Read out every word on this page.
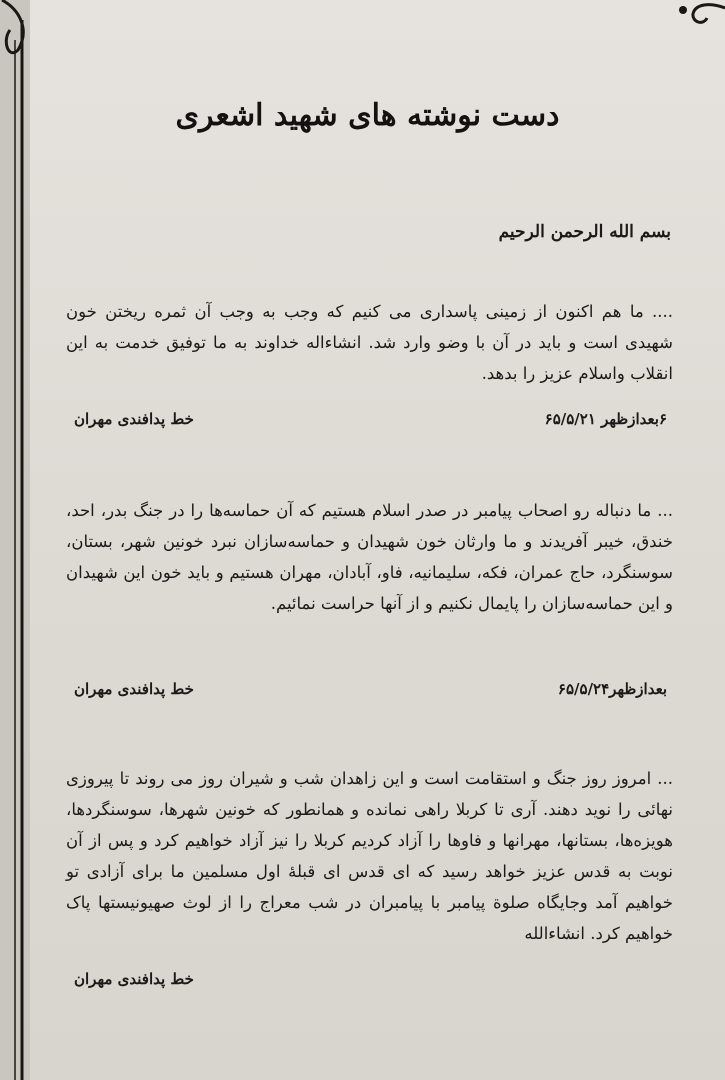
دست نوشته های شهید اشعری
بسم الله الرحمن الرحیم

.... ما هم اکنون از زمینی پاسداری می کنیم که وجب به وجب آن ثمره ریختن خون شهیدی است و باید در آن با وضو وارد شد. انشاءاله خداوند به ما توفیق خدمت به این انقلاب واسلام عزیز را بدهد.

۶بعدازظهر ۶۵/۵/۲۱
خط پدافندی مهران

... ما دنباله رو اصحاب پیامبر در صدر اسلام هستیم که آن حماسه‌ها را در جنگ بدر، احد، خندق، خیبر آفریدند و ما وارثان خون شهیدان و حماسه‌سازان نبرد خونین شهر، بستان، سوسنگرد، حاج عمران، فکه، سلیمانیه، فاو، آبادان، مهران هستیم و باید خون این شهیدان و این حماسه‌سازان را پایمال نکنیم و از آنها حراست نمائیم.

بعدازظهر۶۵/۵/۲۴
خط پدافندی مهران

... امروز روز جنگ و استقامت است و این زاهدان شب و شیران روز می روند تا پیروزی نهائی را نوید دهند. آری تا کربلا راهی نمانده و همانطور که خونین شهرها، سوسنگردها، هویزه‌ها، بستانها، مهرانها و فاوها را آزاد کردیم کربلا را نیز آزاد خواهیم کرد و پس از آن نوبت به قدس عزیز خواهد رسید که ای قدس ای قبلهٔ اول مسلمین ما برای آزادی تو خواهیم آمد وجایگاه صلوة پیامبر با پیامبران در شب معراج را از لوث صهیونیستها پاک خواهیم کرد. انشاءالله

خط پدافندی مهران
